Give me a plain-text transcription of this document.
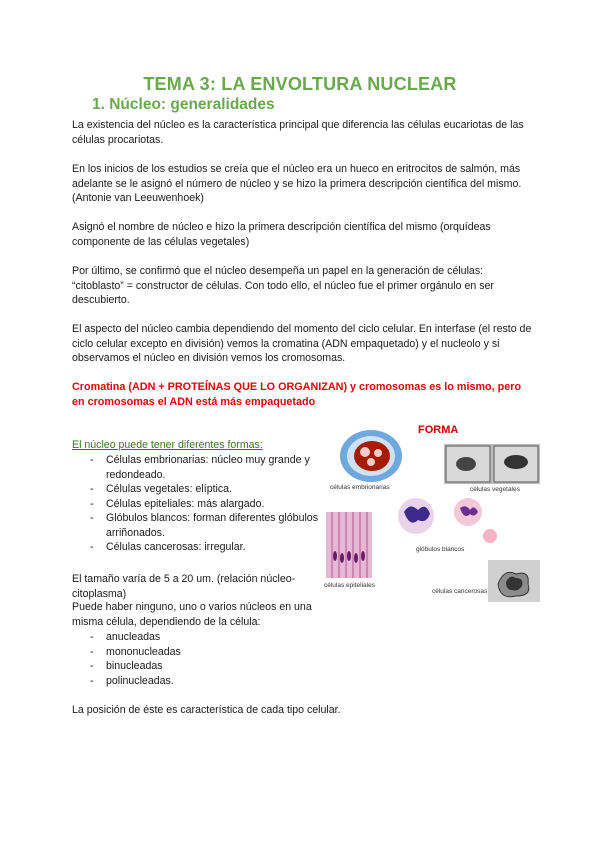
TEMA 3: LA ENVOLTURA NUCLEAR
1. Núcleo: generalidades

La existencia del núcleo es la característica principal que diferencia las células eucariotas de las células procariotas.

En los inicios de los estudios se creía que el núcleo era un hueco en eritrocitos de salmón, más adelante se le asignó el número de núcleo y se hizo la primera descripción científica del mismo. (Antonie van Leeuwenhoek)

Asignó el nombre de núcleo e hizo la primera descripción científica del mismo (orquídeas componente de las células vegetales)

Por último, se confirmó que el núcleo desempeña un papel en la generación de células: “citoblasto” = constructor de células. Con todo ello, el núcleo fue el primer orgánulo en ser descubierto.

El aspecto del núcleo cambia dependiendo del momento del ciclo celular. En interfase (el resto de ciclo celular excepto en división) vemos la cromatina (ADN empaquetado) y el nucleolo y si observamos el núcleo en división vemos los cromosomas.

Cromatina (ADN + PROTEÍNAS QUE LO ORGANIZAN) y cromosomas es lo mismo, pero en cromosomas el ADN está más empaquetado

El núcleo puede tener diferentes formas:

- Células embrionarias: núcleo muy grande y redondeado.
- Células vegetales: elíptica.
- Células epiteliales: más alargado.
- Glóbulos blancos: forman diferentes glóbulos arriñonados.
- Células cancerosas: irregular.

El tamaño varía de 5 a 20 um. (relación núcleo-citoplasma)

Puede haber ninguno, uno o varios núcleos en una misma célula, dependiendo de la célula:

- anucleadas
- mononucleadas
- binucleadas
- polinucleadas.

La posición de éste es característica de cada tipo celular.

FORMA
células embrionarias	células vegetales
células epiteliales
glóbulos blancos
células cancerosas
